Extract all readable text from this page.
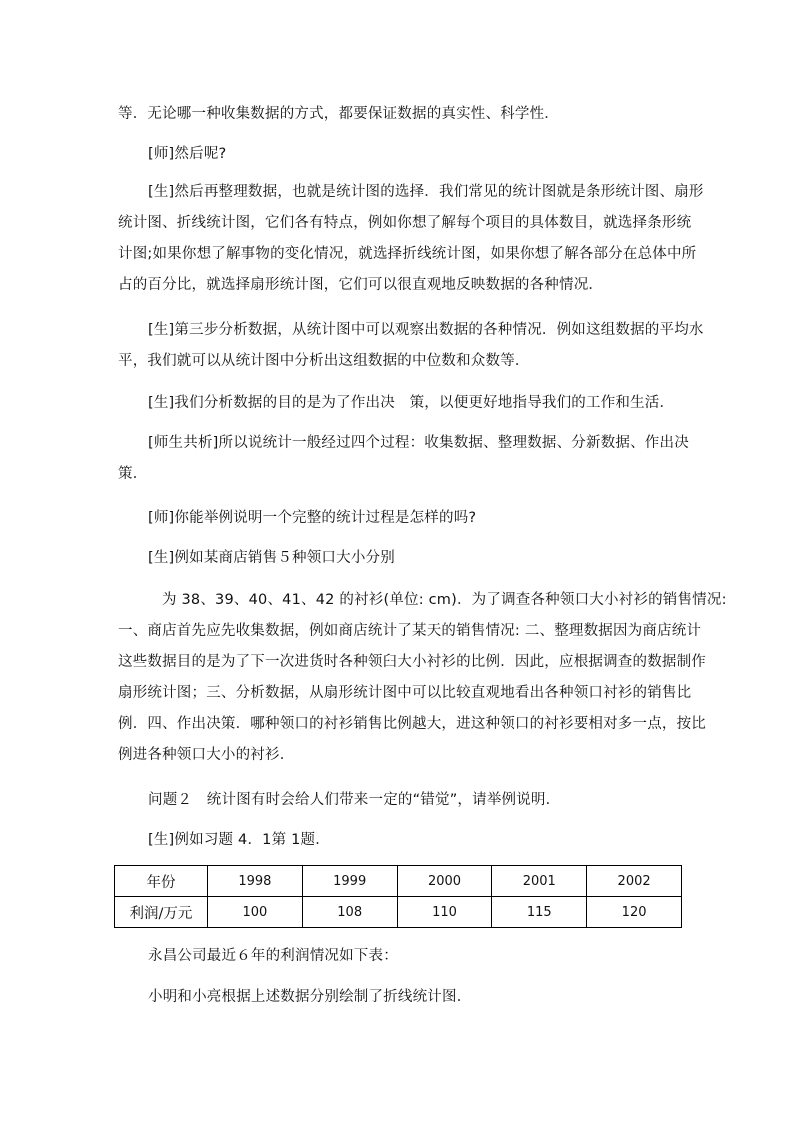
等．无论哪一种收集数据的方式，都要保证数据的真实性、科学性．
[师]然后呢?
[生]然后再整理数据，也就是统计图的选择．我们常见的统计图就是条形统计图、扇形
统计图、折线统计图，它们各有特点，例如你想了解每个项目的具体数目，就选择条形统
计图;如果你想了解事物的变化情况，就选择折线统计图，如果你想了解各部分在总体中所
占的百分比，就选择扇形统计图，它们可以很直观地反映数据的各种情况．
[生]第三步分析数据，从统计图中可以观察出数据的各种情况．例如这组数据的平均水
平，我们就可以从统计图中分析出这组数据的中位数和众数等．
[生]我们分析数据的目的是为了作出决　策，以便更好地指导我们的工作和生活．
[师生共析]所以说统计一般经过四个过程：收集数据、整理数据、分新数据、作出决
策．
[师]你能举例说明一个完整的统计过程是怎样的吗?
[生]例如某商店销售５种领口大小分别
为 38、39、40、41、42 的衬衫(单位: cm)．为了调查各种领口大小衬衫的销售情况:
一、商店首先应先收集数据，例如商店统计了某天的销售情况: 二、整理数据因为商店统计
这些数据目的是为了下一次进货时各种领臼大小衬衫的比例．因此，应根据调查的数据制作
扇形统计图；三、分析数据，从扇形统计图中可以比较直观地看出各种领口衬衫的销售比
例．四、作出决策．哪种领口的衬衫销售比例越大，进这种领口的衬衫要相对多一点，按比
例进各种领口大小的衬衫．
问题２　统计图有时会给人们带来一定的“错觉”，请举例说明．
[生]例如习题 4．1第 1题．
年份	1998	1999	2000	2001	2002
利润/万元	100	108	110	115	120
永昌公司最近６年的利润情况如下表：
小明和小亮根据上述数据分别绘制了折线统计图．
